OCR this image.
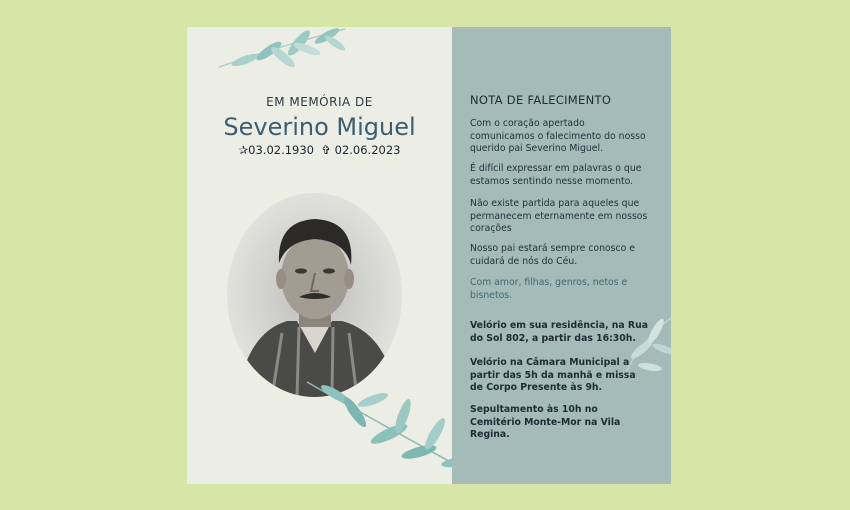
EM MEMÓRIA DE
Severino Miguel
✰03.02.1930 ✞ 02.06.2023
NOTA DE FALECIMENTO
Com o coração apertado comunicamos o falecimento do nosso querido pai Severino Miguel.
É difícil expressar em palavras o que estamos sentindo nesse momento.
Não existe partida para aqueles que permanecem eternamente em nossos corações
Nosso pai estará sempre conosco e cuidará de nós do Céu.
Com amor, filhas, genros, netos e bisnetos.
Velório em sua residência, na Rua do Sol 802, a partir das 16:30h.
Velório na Câmara Municipal a partir das 5h da manhã e missa de Corpo Presente às 9h.
Sepultamento às 10h no Cemitério Monte-Mor na Vila Regina.
